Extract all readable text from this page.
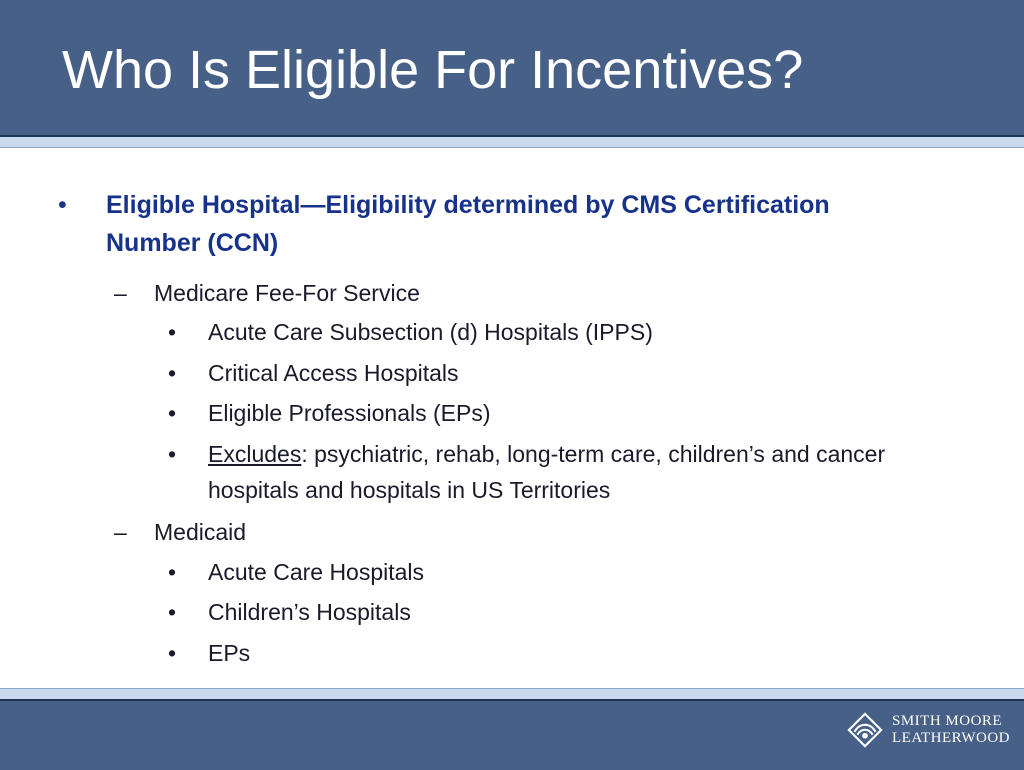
Who Is Eligible For Incentives?
• Eligible Hospital—Eligibility determined by CMS Certification Number (CCN)
– Medicare Fee-For Service
• Acute Care Subsection (d) Hospitals (IPPS)
• Critical Access Hospitals
• Eligible Professionals (EPs)
• Excludes: psychiatric, rehab, long-term care, children’s and cancer hospitals and hospitals in US Territories
– Medicaid
• Acute Care Hospitals
• Children’s Hospitals
• EPs
SMITH MOORE
LEATHERWOOD
